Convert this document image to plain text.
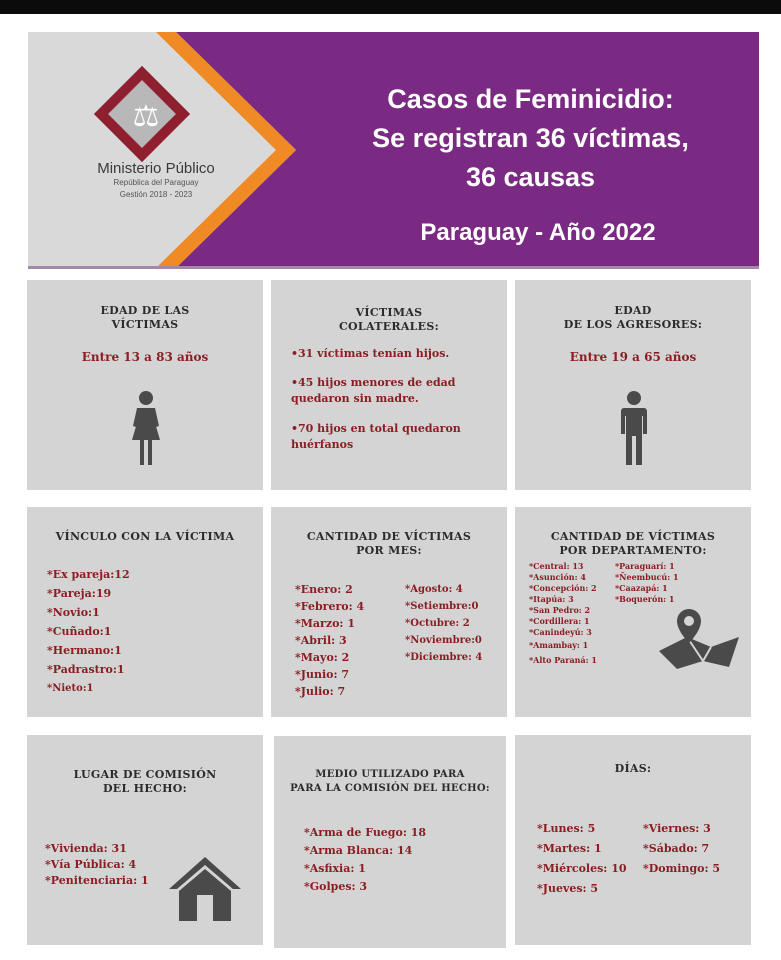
⚖
Ministerio Público
República del Paraguay
Gestión 2018 - 2023
Casos de Feminicidio:
Se registran 36 víctimas,
36 causas
Paraguay - Año 2022
EDAD DE LAS
VÍCTIMAS
Entre 13 a 83 años
VÍCTIMAS
COLATERALES:
•31 víctimas tenían hijos.
•45 hijos menores de edad
quedaron sin madre.
•70 hijos en total quedaron
huérfanos
EDAD
DE LOS AGRESORES:
Entre 19 a 65 años
VÍNCULO CON LA VÍCTIMA
*Ex pareja:12
*Pareja:19
*Novio:1
*Cuñado:1
*Hermano:1
*Padrastro:1
*Nieto:1
CANTIDAD DE VÍCTIMAS
POR MES:
*Enero: 2
*Febrero: 4
*Marzo: 1
*Abril: 3
*Mayo: 2
*Junio: 7
*Julio: 7
*Agosto: 4
*Setiembre:0
*Octubre: 2
*Noviembre:0
*Diciembre: 4
CANTIDAD DE VÍCTIMAS
POR DEPARTAMENTO:
*Central: 13
*Asunción: 4
*Concepción: 2
*Itapúa: 3
*San Pedro: 2
*Cordillera: 1
*Canindeyú: 3
*Amambay: 1
*Alto Paraná: 1
*Paraguarí: 1
*Ñeembucú: 1
*Caazapá: 1
*Boquerón: 1
LUGAR DE COMISIÓN
DEL HECHO:
*Vivienda: 31
*Vía Pública: 4
*Penitenciaria: 1
MEDIO UTILIZADO PARA
PARA LA COMISIÓN DEL HECHO:
*Arma de Fuego: 18
*Arma Blanca: 14
*Asfixia: 1
*Golpes: 3
DÍAS:
*Lunes: 5
*Martes: 1
*Miércoles: 10
*Jueves: 5
*Viernes: 3
*Sábado: 7
*Domingo: 5
